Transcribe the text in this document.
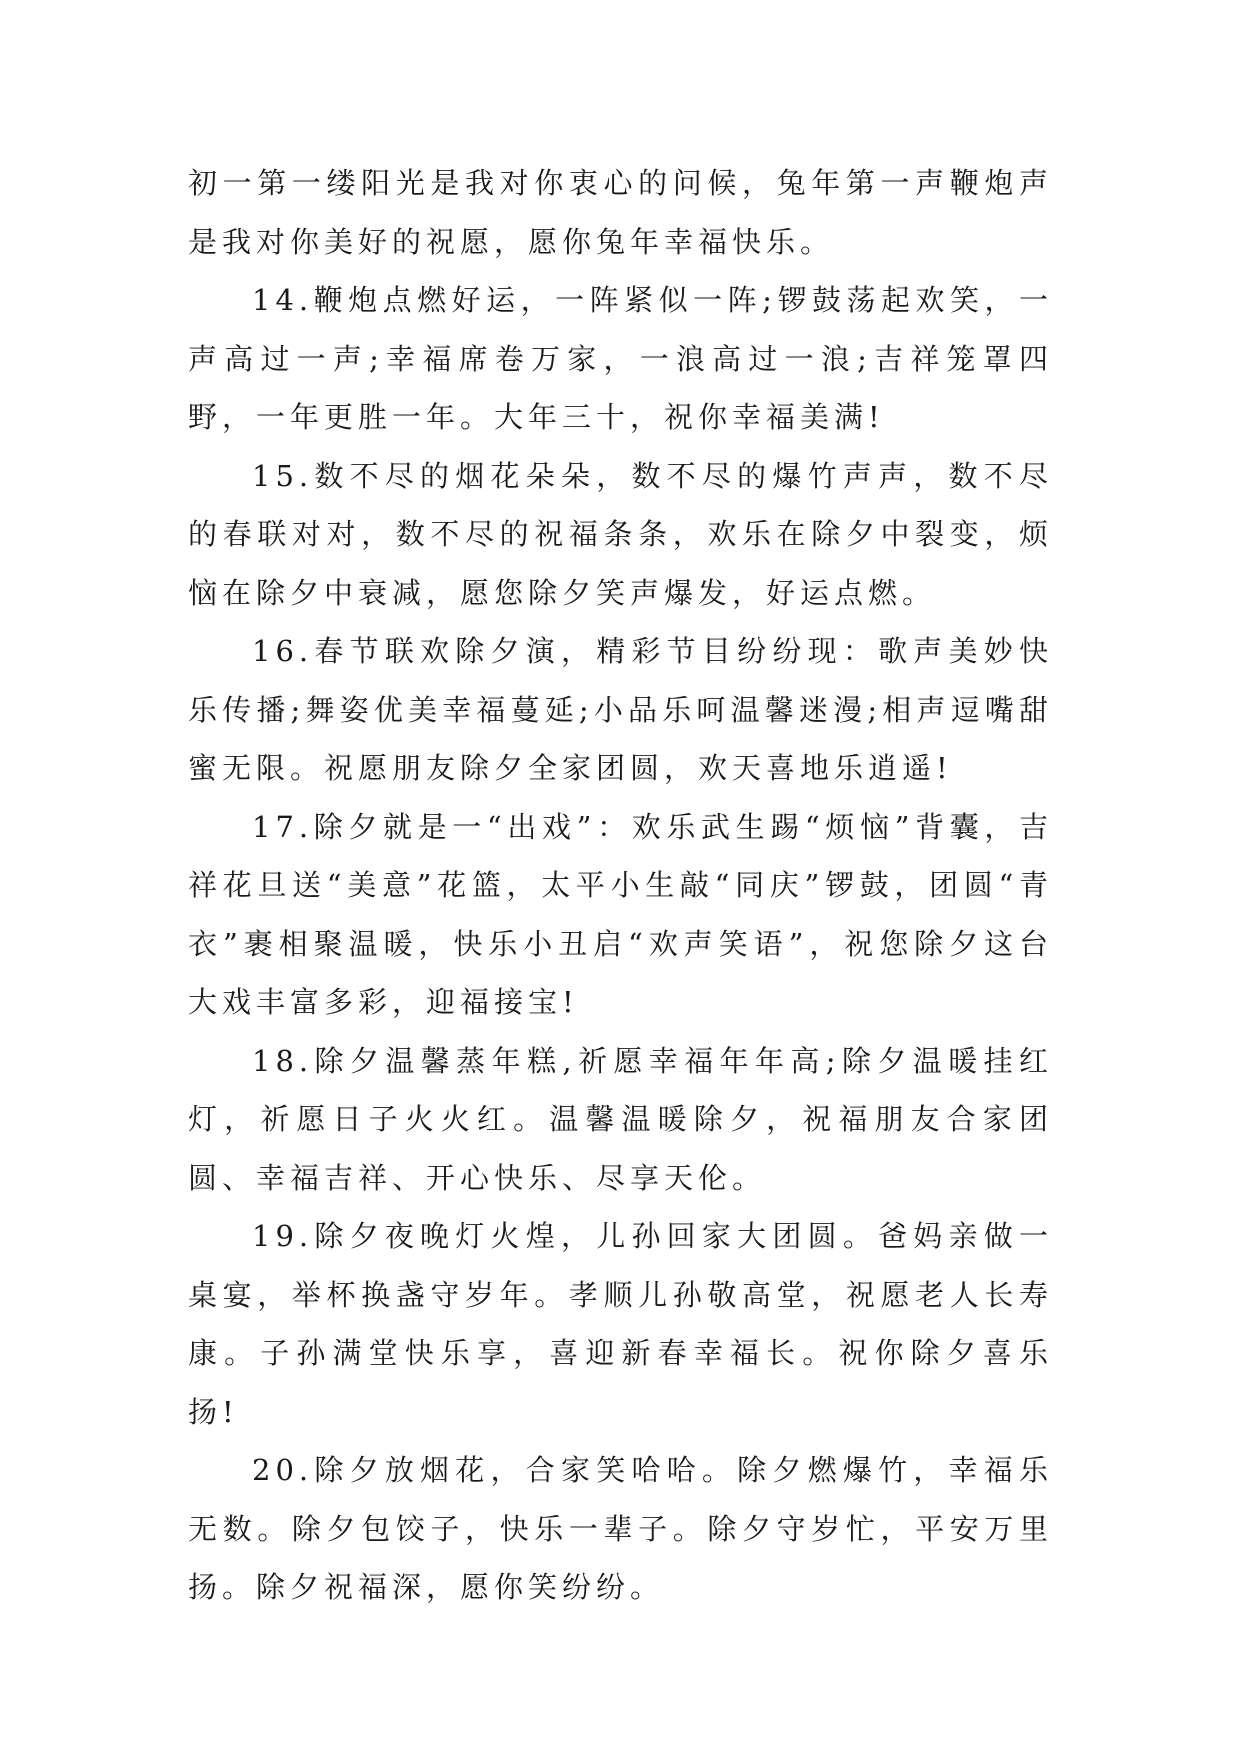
初一第一缕阳光是我对你衷心的问候，兔年第一声鞭炮声是我对你美好的祝愿，愿你兔年幸福快乐。

14.鞭炮点燃好运，一阵紧似一阵;锣鼓荡起欢笑，一声高过一声;幸福席卷万家，一浪高过一浪;吉祥笼罩四野，一年更胜一年。大年三十，祝你幸福美满!

15.数不尽的烟花朵朵，数不尽的爆竹声声，数不尽的春联对对，数不尽的祝福条条，欢乐在除夕中裂变，烦恼在除夕中衰减，愿您除夕笑声爆发，好运点燃。

16.春节联欢除夕演，精彩节目纷纷现：歌声美妙快乐传播;舞姿优美幸福蔓延;小品乐呵温馨迷漫;相声逗嘴甜蜜无限。祝愿朋友除夕全家团圆，欢天喜地乐逍遥!

17.除夕就是一“出戏”：欢乐武生踢“烦恼”背囊，吉祥花旦送“美意”花篮，太平小生敲“同庆”锣鼓，团圆“青衣”裹相聚温暖，快乐小丑启“欢声笑语”，祝您除夕这台大戏丰富多彩，迎福接宝!

18.除夕温馨蒸年糕,祈愿幸福年年高;除夕温暖挂红灯，祈愿日子火火红。温馨温暖除夕，祝福朋友合家团圆、幸福吉祥、开心快乐、尽享天伦。

19.除夕夜晚灯火煌，儿孙回家大团圆。爸妈亲做一桌宴，举杯换盏守岁年。孝顺儿孙敬高堂，祝愿老人长寿康。子孙满堂快乐享，喜迎新春幸福长。祝你除夕喜乐扬!

20.除夕放烟花，合家笑哈哈。除夕燃爆竹，幸福乐无数。除夕包饺子，快乐一辈子。除夕守岁忙，平安万里扬。除夕祝福深，愿你笑纷纷。
